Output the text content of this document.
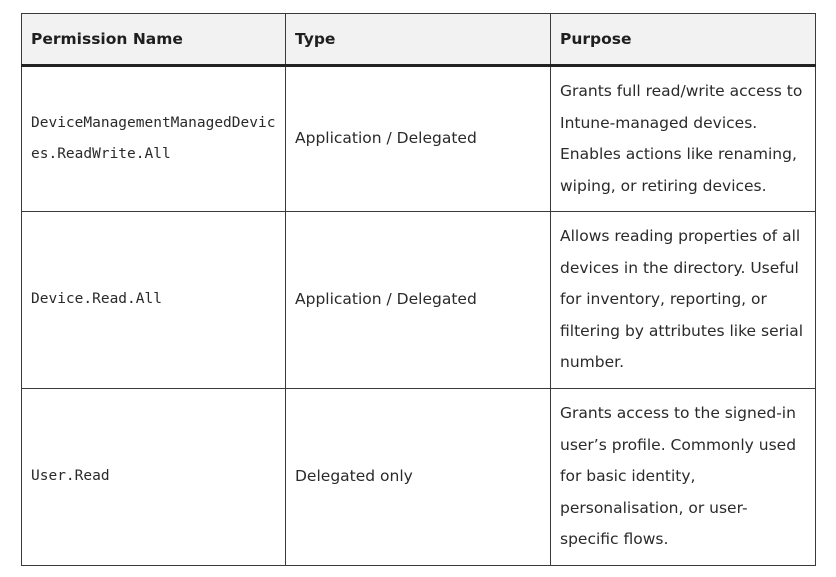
Permission Name	Type	Purpose
DeviceManagementManagedDevices.ReadWrite.All	Application / Delegated	Grants full read/write access to Intune-managed devices. Enables actions like renaming, wiping, or retiring devices.
Device.Read.All	Application / Delegated	Allows reading properties of all devices in the directory. Useful for inventory, reporting, or filtering by attributes like serial number.
User.Read	Delegated only	Grants access to the signed-in user’s profile. Commonly used for basic identity, personalisation, or user-specific flows.
